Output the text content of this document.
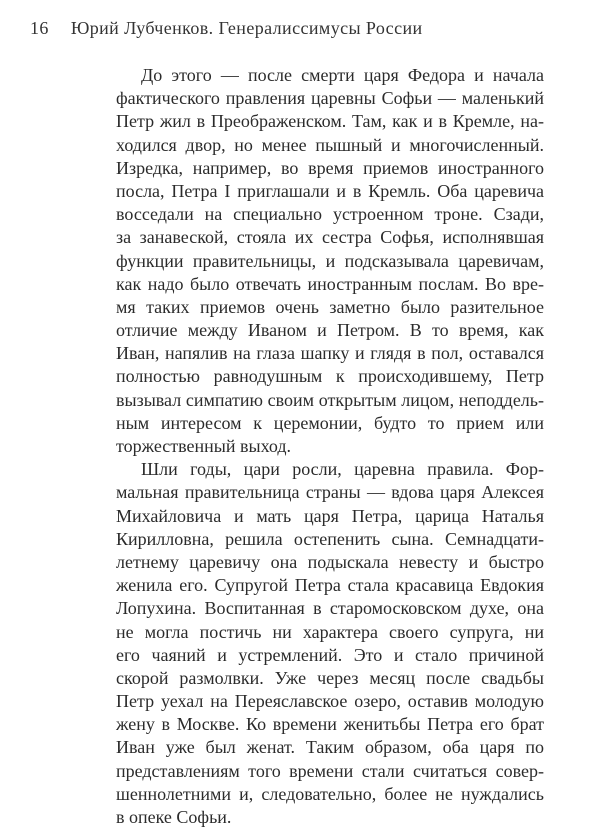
16 Юрий Лубченков. Генералиссимусы России
До этого — после смерти царя Федора и начала
фактического правления царевны Софьи — маленький
Петр жил в Преображенском. Там, как и в Кремле, на-
ходился двор, но менее пышный и многочисленный.
Изредка, например, во время приемов иностранного
посла, Петра I приглашали и в Кремль. Оба царевича
восседали на специально устроенном троне. Сзади,
за занавеской, стояла их сестра Софья, исполнявшая
функции правительницы, и подсказывала царевичам,
как надо было отвечать иностранным послам. Во вре-
мя таких приемов очень заметно было разительное
отличие между Иваном и Петром. В то время, как
Иван, напялив на глаза шапку и глядя в пол, оставался
полностью равнодушным к происходившему, Петр
вызывал симпатию своим открытым лицом, неподдель-
ным интересом к церемонии, будто то прием или
торжественный выход.
Шли годы, цари росли, царевна правила. Фор-
мальная правительница страны — вдова царя Алексея
Михайловича и мать царя Петра, царица Наталья
Кирилловна, решила остепенить сына. Семнадцати-
летнему царевичу она подыскала невесту и быстро
женила его. Супругой Петра стала красавица Евдокия
Лопухина. Воспитанная в старомосковском духе, она
не могла постичь ни характера своего супруга, ни
его чаяний и устремлений. Это и стало причиной
скорой размолвки. Уже через месяц после свадьбы
Петр уехал на Переяславское озеро, оставив молодую
жену в Москве. Ко времени женитьбы Петра его брат
Иван уже был женат. Таким образом, оба царя по
представлениям того времени стали считаться совер-
шеннолетними и, следовательно, более не нуждались
в опеке Софьи.
